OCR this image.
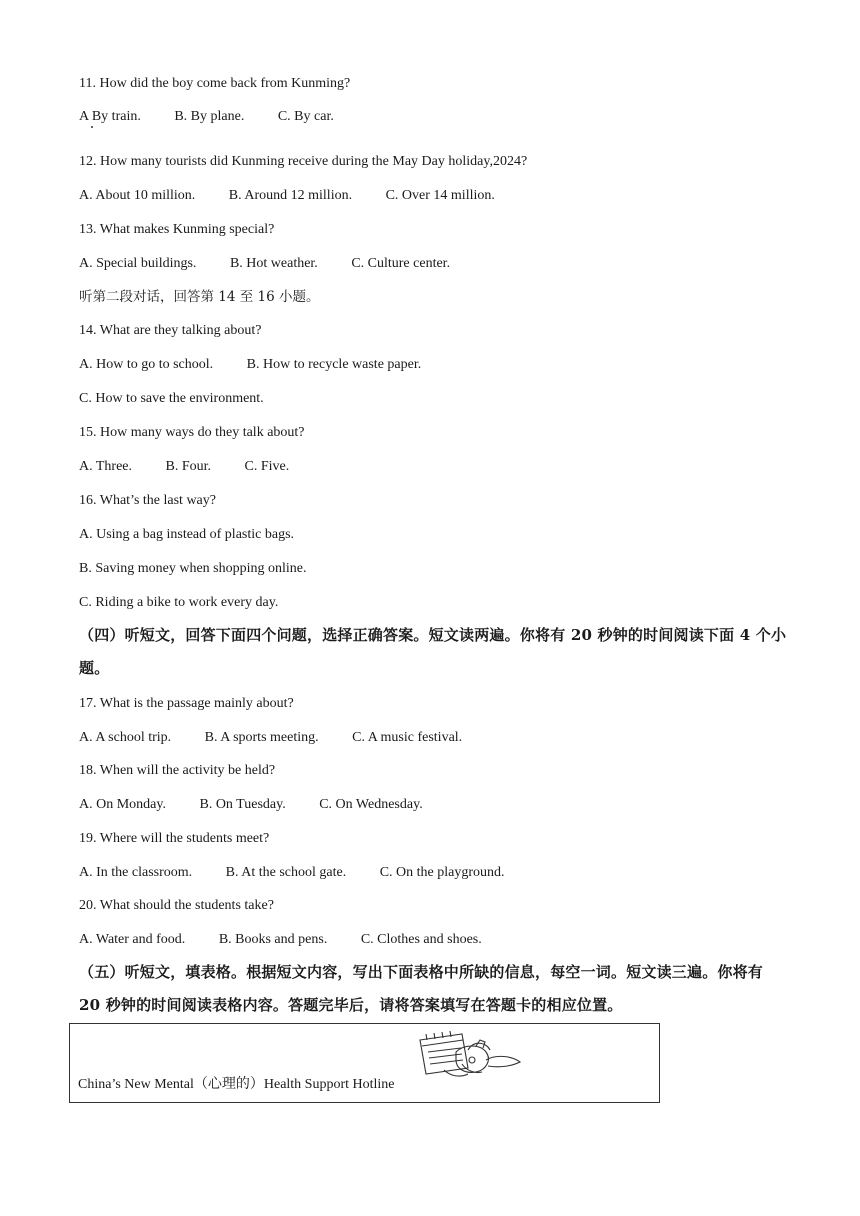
11. How did the boy come back from Kunming?
A By train. B. By plane. C. By car.
12. How many tourists did Kunming receive during the May Day holiday,2024?
A. About 10 million. B. Around 12 million. C. Over 14 million.
13. What makes Kunming special?
A. Special buildings. B. Hot weather. C. Culture center.
听第二段对话，回答第 14 至 16 小题。
14. What are they talking about?
A. How to go to school. B. How to recycle waste paper.
C. How to save the environment.
15. How many ways do they talk about?
A. Three. B. Four. C. Five.
16. What’s the last way?
A. Using a bag instead of plastic bags.
B. Saving money when shopping online.
C. Riding a bike to work every day.
（四）听短文，回答下面四个问题，选择正确答案。短文读两遍。你将有 20 秒钟的时间阅读下面 4 个小题。
17. What is the passage mainly about?
A. A school trip. B. A sports meeting. C. A music festival.
18. When will the activity be held?
A. On Monday. B. On Tuesday. C. On Wednesday.
19. Where will the students meet?
A. In the classroom. B. At the school gate. C. On the playground.
20. What should the students take?
A. Water and food. B. Books and pens. C. Clothes and shoes.
（五）听短文，填表格。根据短文内容，写出下面表格中所缺的信息，每空一词。短文读三遍。你将有 20 秒钟的时间阅读表格内容。答题完毕后，请将答案填写在答题卡的相应位置。
China’s New Mental（心理的）Health Support Hotline
